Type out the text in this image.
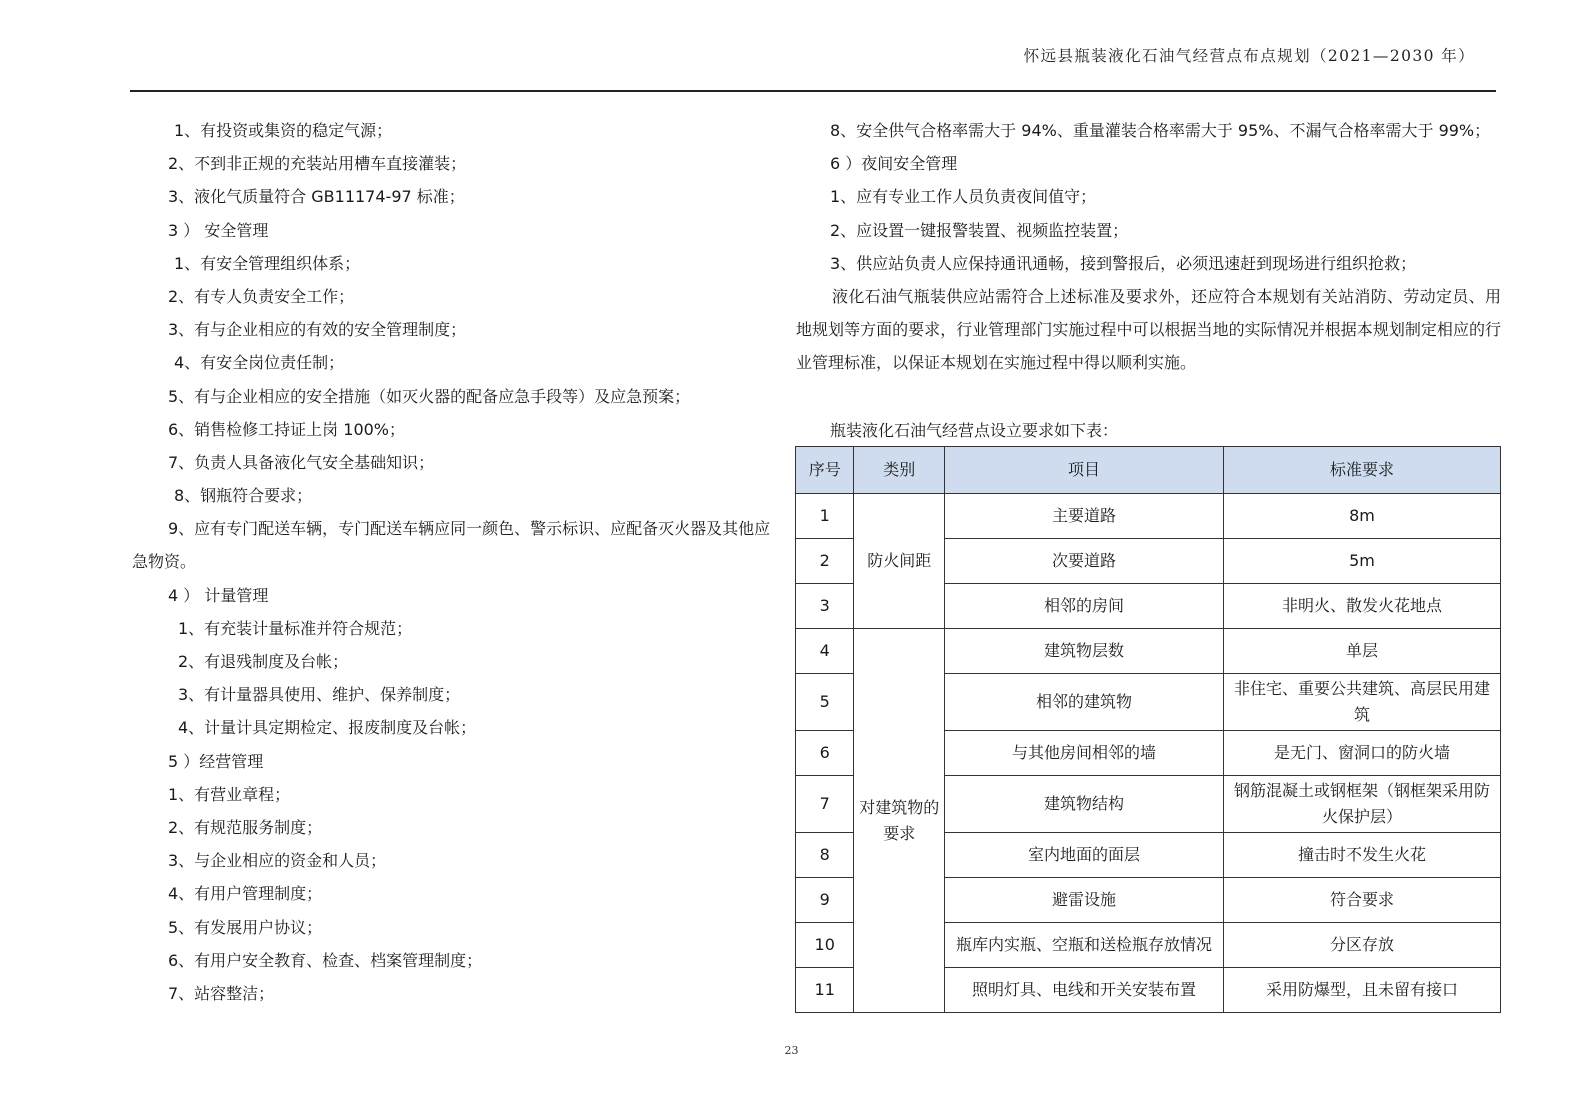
怀远县瓶装液化石油气经营点布点规划（2021—2030 年）
1、有投资或集资的稳定气源；
2、不到非正规的充装站用槽车直接灌装；
3、液化气质量符合 GB11174-97 标准；
3 ） 安全管理
1、有安全管理组织体系；
2、有专人负责安全工作；
3、有与企业相应的有效的安全管理制度；
4、有安全岗位责任制；
5、有与企业相应的安全措施（如灭火器的配备应急手段等）及应急预案；
6、销售检修工持证上岗 100%；
7、负责人具备液化气安全基础知识；
8、钢瓶符合要求；
9、应有专门配送车辆，专门配送车辆应同一颜色、警示标识、应配备灭火器及其他应
急物资。
4 ） 计量管理
1、有充装计量标准并符合规范；
2、有退残制度及台帐；
3、有计量器具使用、维护、保养制度；
4、计量计具定期检定、报废制度及台帐；
5 ）经营管理
1、有营业章程；
2、有规范服务制度；
3、与企业相应的资金和人员；
4、有用户管理制度；
5、有发展用户协议；
6、有用户安全教育、检查、档案管理制度；
7、站容整洁；
8、安全供气合格率需大于 94%、重量灌装合格率需大于 95%、不漏气合格率需大于 99%；
6 ）夜间安全管理
1、应有专业工作人员负责夜间值守；
2、应设置一键报警装置、视频监控装置；
3、供应站负责人应保持通讯通畅，接到警报后，必须迅速赶到现场进行组织抢救；

液化石油气瓶装供应站需符合上述标准及要求外，还应符合本规划有关站消防、劳动定员、用地规划等方面的要求，行业管理部门实施过程中可以根据当地的实际情况并根据本规划制定相应的行业管理标准，以保证本规划在实施过程中得以顺利实施。

瓶装液化石油气经营点设立要求如下表：
序号	类别	项目	标准要求
1	防火间距	主要道路	8m
2		次要道路	5m
3		相邻的房间	非明火、散发火花地点
4	对建筑物的要求	建筑物层数	单层
5		相邻的建筑物	非住宅、重要公共建筑、高层民用建筑
6		与其他房间相邻的墙	是无门、窗洞口的防火墙
7		建筑物结构	钢筋混凝土或钢框架（钢框架采用防火保护层）
8		室内地面的面层	撞击时不发生火花
9		避雷设施	符合要求
10		瓶库内实瓶、空瓶和送检瓶存放情况	分区存放
11		照明灯具、电线和开关安装布置	采用防爆型，且未留有接口
23
